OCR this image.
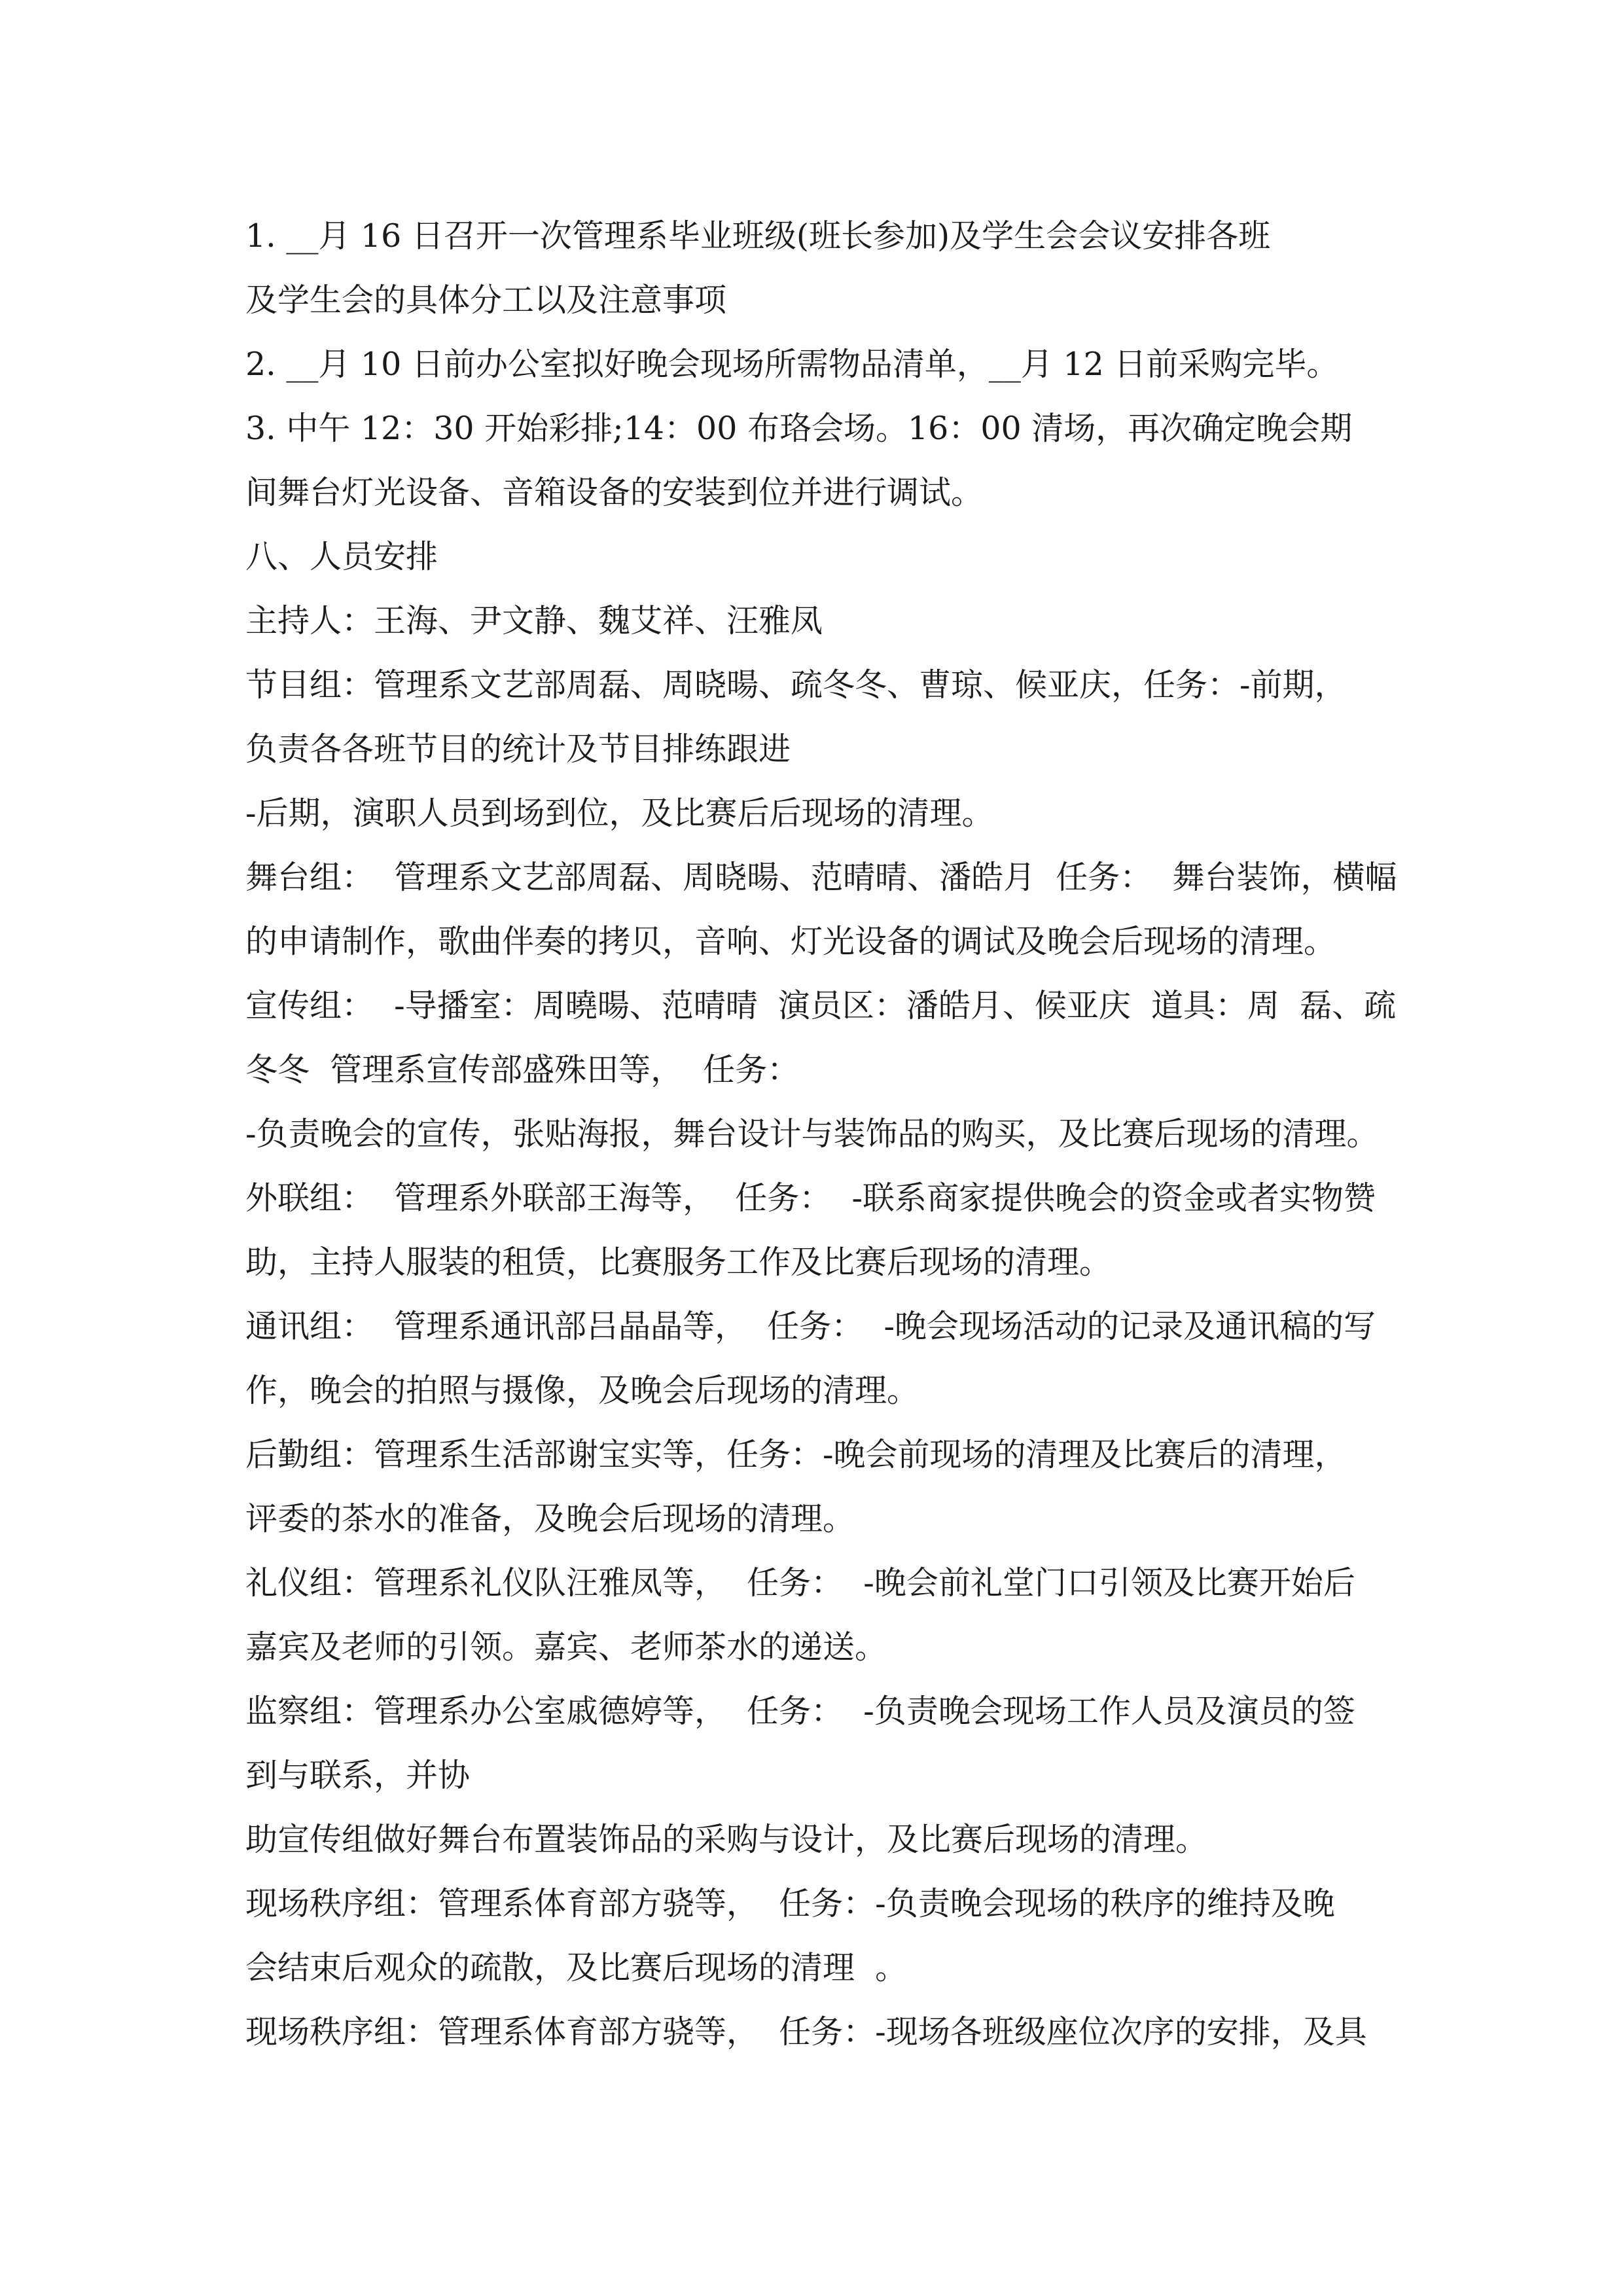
1. __月 16 日召开一次管理系毕业班级(班长参加)及学生会会议安排各班
及学生会的具体分工以及注意事项
2. __月 10 日前办公室拟好晚会现场所需物品清单，__月 12 日前采购完毕。
3. 中午 12：30 开始彩排;14：00 布珞会场。16：00 清场，再次确定晚会期
间舞台灯光设备、音箱设备的安装到位并进行调试。
八、人员安排
主持人：王海、尹文静、魏艾祥、汪雅凤
节目组：管理系文艺部周磊、周晓暘、疏冬冬、曹琼、候亚庆，任务：-前期，
负责各各班节目的统计及节目排练跟进
-后期，演职人员到场到位，及比赛后后现场的清理。
舞台组：  管理系文艺部周磊、周晓暘、范晴晴、潘皓月  任务：  舞台装饰，横幅
的申请制作，歌曲伴奏的拷贝，音响、灯光设备的调试及晚会后现场的清理。
宣传组：  -导播室：周曉暘、范晴晴  演员区：潘皓月、候亚庆  道具：周  磊、疏
冬冬  管理系宣传部盛殊田等，  任务：
-负责晚会的宣传，张贴海报，舞台设计与装饰品的购买，及比赛后现场的清理。
外联组：  管理系外联部王海等，  任务：  -联系商家提供晚会的资金或者实物赞
助，主持人服装的租赁，比赛服务工作及比赛后现场的清理。
通讯组：  管理系通讯部吕晶晶等，  任务：  -晚会现场活动的记录及通讯稿的写
作，晚会的拍照与摄像，及晚会后现场的清理。
后勤组：管理系生活部谢宝实等，任务：-晚会前现场的清理及比赛后的清理，
评委的茶水的准备，及晚会后现场的清理。
礼仪组：管理系礼仪队汪雅凤等，  任务：  -晚会前礼堂门口引领及比赛开始后
嘉宾及老师的引领。嘉宾、老师茶水的递送。
监察组：管理系办公室戚德婷等，  任务：  -负责晚会现场工作人员及演员的签
到与联系，并协
助宣传组做好舞台布置装饰品的采购与设计，及比赛后现场的清理。
现场秩序组：管理系体育部方骁等，  任务：-负责晚会现场的秩序的维持及晚
会结束后观众的疏散，及比赛后现场的清理  。
现场秩序组：管理系体育部方骁等，  任务：-现场各班级座位次序的安排，及具
